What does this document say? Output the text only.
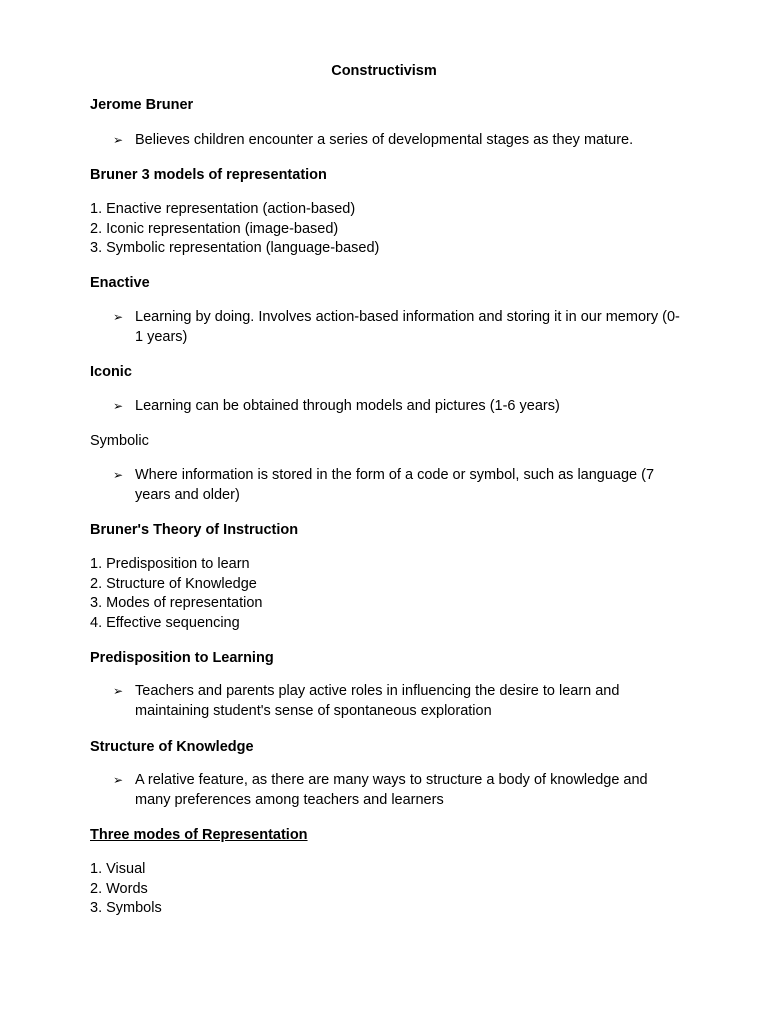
Constructivism
Jerome Bruner
➢ Believes children encounter a series of developmental stages as they mature.
Bruner 3 models of representation
1. Enactive representation (action-based)
2. Iconic representation (image-based)
3. Symbolic representation (language-based)
Enactive
➢ Learning by doing. Involves action-based information and storing it in our memory (0-1 years)
Iconic
➢ Learning can be obtained through models and pictures (1-6 years)
Symbolic
➢ Where information is stored in the form of a code or symbol, such as language (7 years and older)
Bruner's Theory of Instruction
1. Predisposition to learn
2. Structure of Knowledge
3. Modes of representation
4. Effective sequencing
Predisposition to Learning
➢ Teachers and parents play active roles in influencing the desire to learn and maintaining student's sense of spontaneous exploration
Structure of Knowledge
➢ A relative feature, as there are many ways to structure a body of knowledge and many preferences among teachers and learners
Three modes of Representation
1. Visual
2. Words
3. Symbols
